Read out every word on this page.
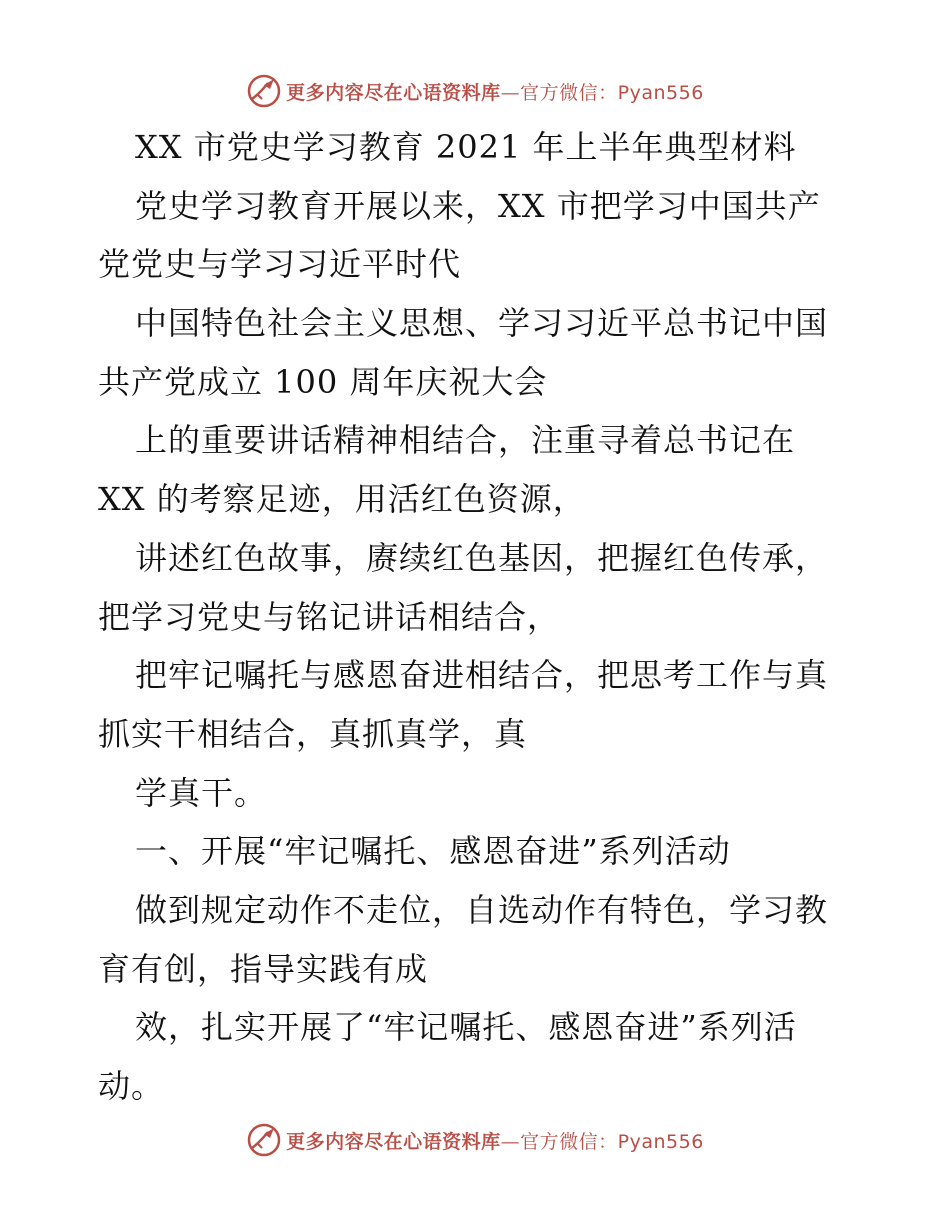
更多内容尽在心语资料库—官方微信：Pyan556
XX 市党史学习教育 2021 年上半年典型材料
党史学习教育开展以来，XX 市把学习中国共产
党党史与学习习近平时代
中国特色社会主义思想、学习习近平总书记中国
共产党成立 100 周年庆祝大会
上的重要讲话精神相结合，注重寻着总书记在
XX 的考察足迹，用活红色资源，
讲述红色故事，赓续红色基因，把握红色传承，
把学习党史与铭记讲话相结合，
把牢记嘱托与感恩奋进相结合，把思考工作与真
抓实干相结合，真抓真学，真
学真干。
一、开展“牢记嘱托、感恩奋进”系列活动
做到规定动作不走位，自选动作有特色，学习教
育有创，指导实践有成
效，扎实开展了“牢记嘱托、感恩奋进”系列活
动。
更多内容尽在心语资料库—官方微信：Pyan556
